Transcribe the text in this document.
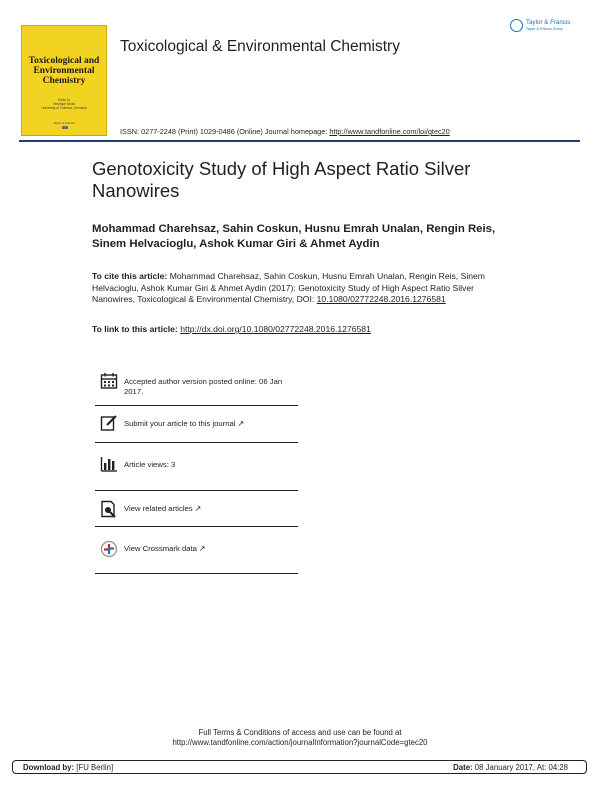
Toxicological and Environmental Chemistry
Editor in
Henrique Stoks
University of Coimbra, Germany
Taylor & Francis
Toxicological & Environmental Chemistry
Taylor & Francis
Taylor & Francis Group
ISSN: 0277-2248 (Print) 1029-0486 (Online) Journal homepage: http://www.tandfonline.com/loi/gtec20
Genotoxicity Study of High Aspect Ratio Silver Nanowires
Mohammad Charehsaz, Sahin Coskun, Husnu Emrah Unalan, Rengin Reis, Sinem Helvacioglu, Ashok Kumar Giri & Ahmet Aydin
To cite this article: Mohammad Charehsaz, Sahin Coskun, Husnu Emrah Unalan, Rengin Reis, Sinem Helvacioglu, Ashok Kumar Giri & Ahmet Aydin (2017): Genotoxicity Study of High Aspect Ratio Silver Nanowires, Toxicological & Environmental Chemistry, DOI: 10.1080/02772248.2016.1276581
To link to this article: http://dx.doi.org/10.1080/02772248.2016.1276581
Accepted author version posted online: 06 Jan 2017.
Submit your article to this journal ↗
Article views: 3
View related articles ↗
View Crossmark data ↗
Full Terms & Conditions of access and use can be found at
http://www.tandfonline.com/action/journalInformation?journalCode=gtec20
Download by: [FU Berlin]	Date: 08 January 2017, At: 04:28
